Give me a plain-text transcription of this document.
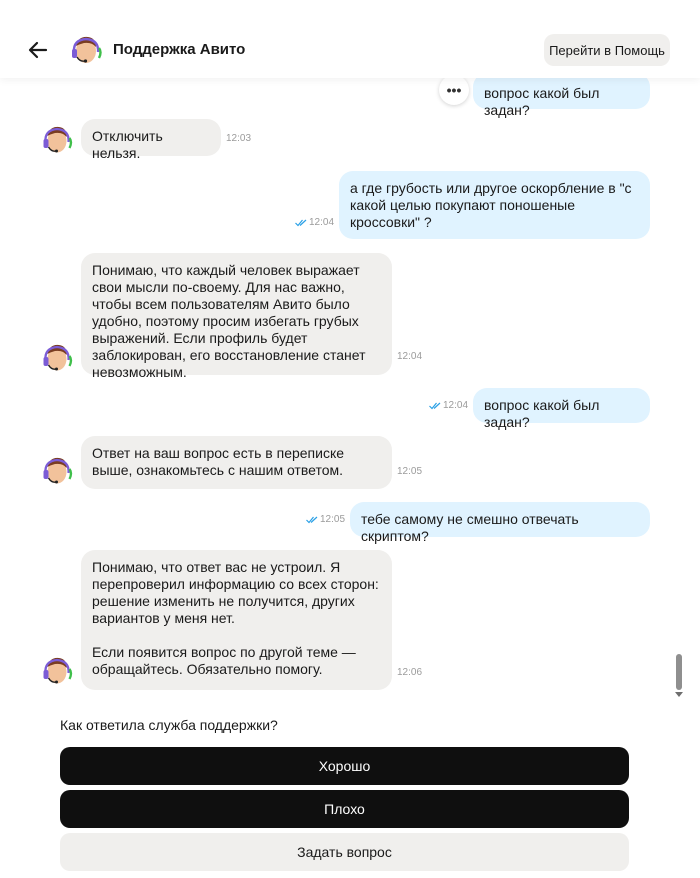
Поддержка Авито	Перейти в Помощь
•••	вопрос какой был задан?
Отключить нельзя.
12:03
12:04
а где грубость или другое оскорбление в "с какой целью покупают поношеные кроссовки" ?
Понимаю, что каждый человек выражает свои мысли по-своему. Для нас важно, чтобы всем пользователям Авито было удобно, поэтому просим избегать грубых выражений. Если профиль будет заблокирован, его восстановление станет невозможным.
12:04
12:04	вопрос какой был задан?
Ответ на ваш вопрос есть в переписке выше, ознакомьтесь с нашим ответом.	12:05
12:05	тебе самому не смешно отвечать скриптом?
Понимаю, что ответ вас не устроил. Я перепроверил информацию со всех сторон: решение изменить не получится, других вариантов у меня нет.

Если появится вопрос по другой теме — обращайтесь. Обязательно помогу.	12:06
Как ответила служба поддержки?
Хорошо
Плохо
Задать вопрос
